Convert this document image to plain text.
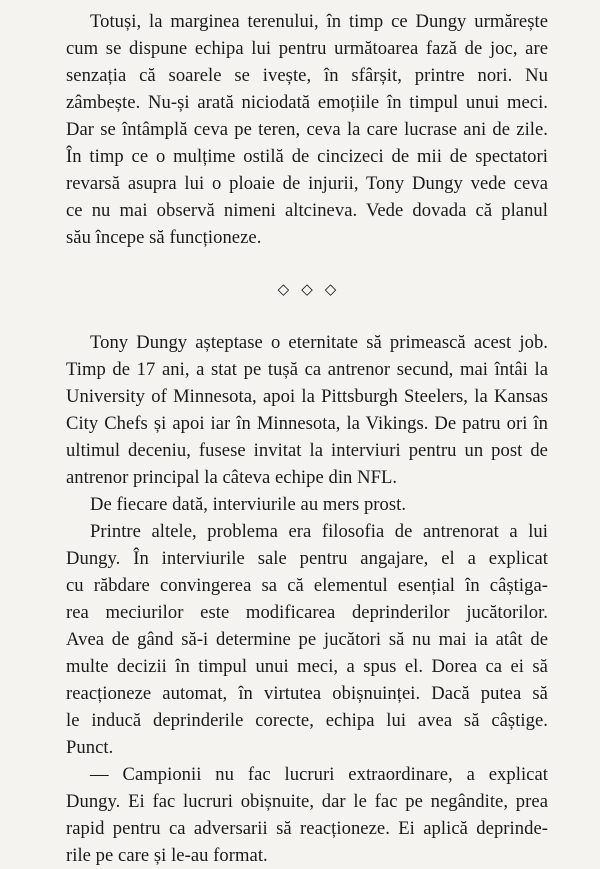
Totuși, la marginea terenului, în timp ce Dungy urmărește
cum se dispune echipa lui pentru următoarea fază de joc, are
senzația că soarele se ivește, în sfârșit, printre nori. Nu
zâmbește. Nu-și arată niciodată emoțiile în timpul unui meci.
Dar se întâmplă ceva pe teren, ceva la care lucrase ani de zile.
În timp ce o mulțime ostilă de cincizeci de mii de spectatori
revarsă asupra lui o ploaie de injurii, Tony Dungy vede ceva
ce nu mai observă nimeni altcineva. Vede dovada că planul
său începe să funcționeze.
◇ ◇ ◇
Tony Dungy așteptase o eternitate să primească acest job.
Timp de 17 ani, a stat pe tușă ca antrenor secund, mai întâi la
University of Minnesota, apoi la Pittsburgh Steelers, la Kansas
City Chefs și apoi iar în Minnesota, la Vikings. De patru ori în
ultimul deceniu, fusese invitat la interviuri pentru un post de
antrenor principal la câteva echipe din NFL.
De fiecare dată, interviurile au mers prost.
Printre altele, problema era filosofia de antrenorat a lui
Dungy. În interviurile sale pentru angajare, el a explicat
cu răbdare convingerea sa că elementul esențial în câștiga-
rea meciurilor este modificarea deprinderilor jucătorilor.
Avea de gând să-i determine pe jucători să nu mai ia atât de
multe decizii în timpul unui meci, a spus el. Dorea ca ei să
reacționeze automat, în virtutea obișnuinței. Dacă putea să
le inducă deprinderile corecte, echipa lui avea să câștige.
Punct.
— Campionii nu fac lucruri extraordinare, a explicat
Dungy. Ei fac lucruri obișnuite, dar le fac pe negândite, prea
rapid pentru ca adversarii să reacționeze. Ei aplică deprinde-
rile pe care și le-au format.
